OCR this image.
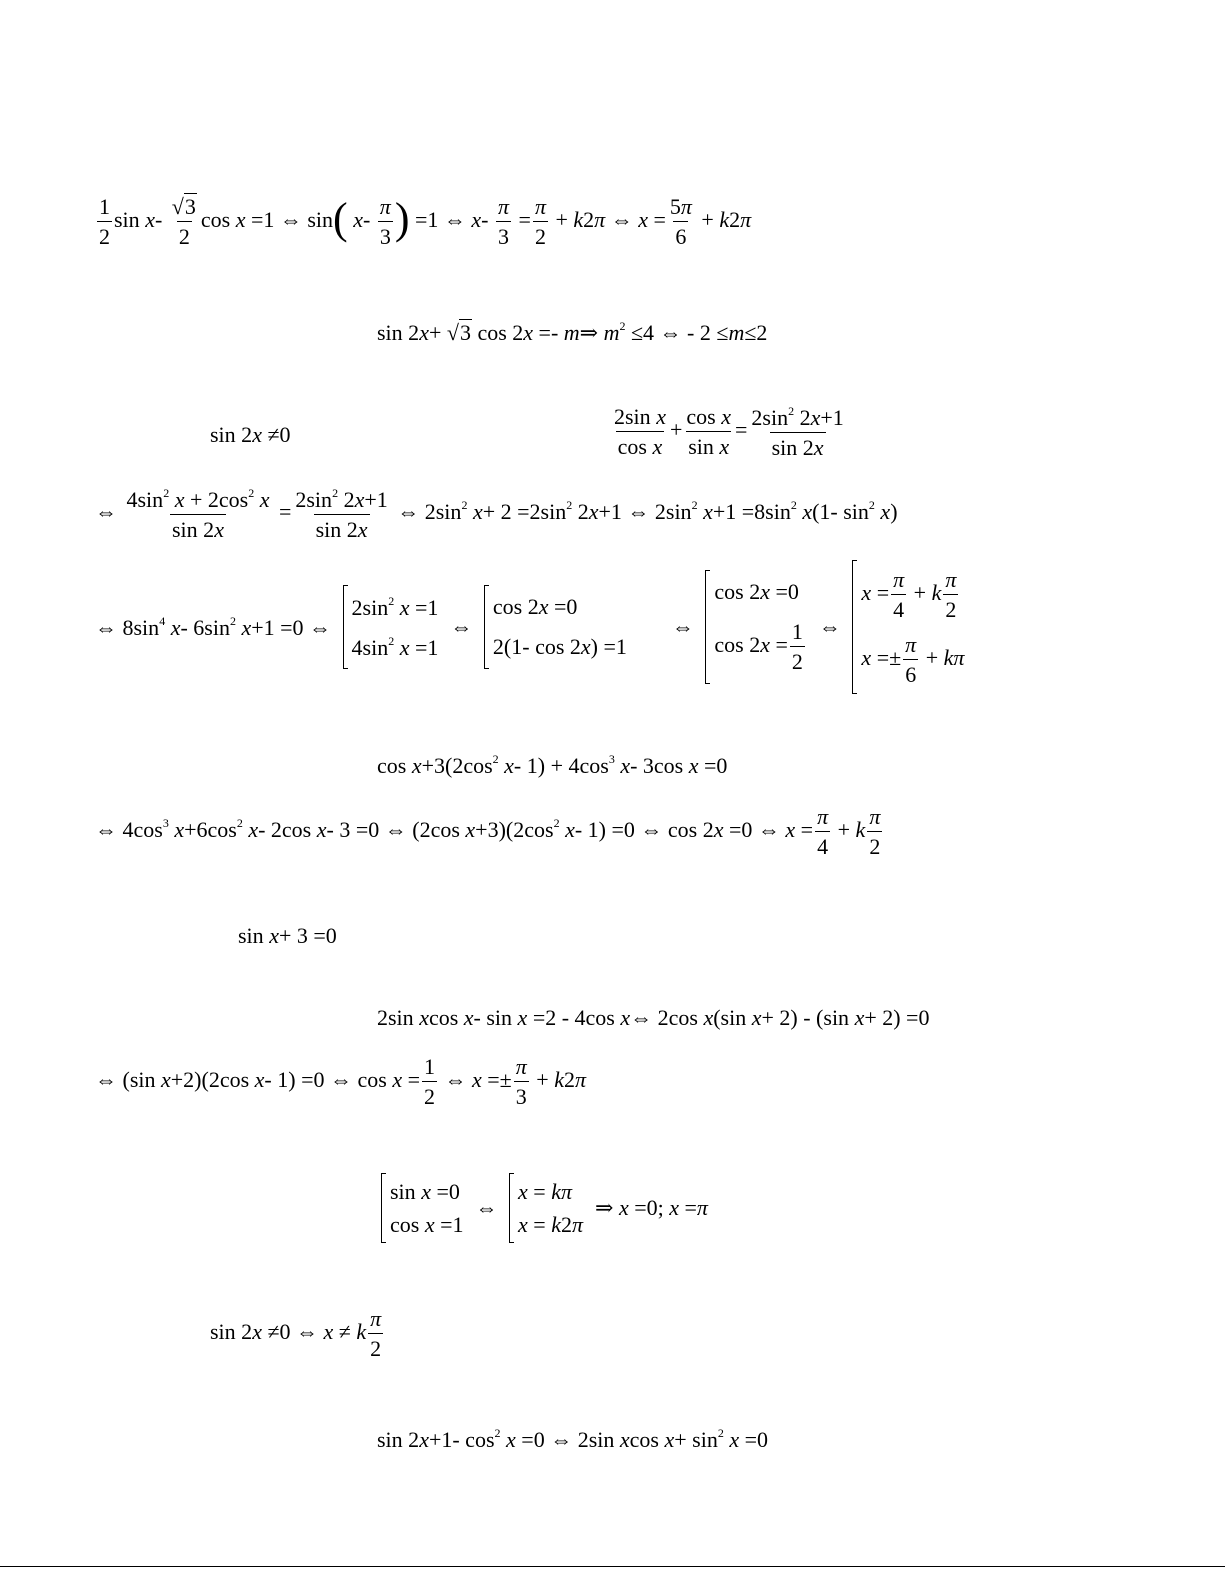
$\frac{1}{2}$ $\sin x- \frac{√3}{2}$ cos x =1 ⇔ sin( $x- \frac{\pi}{3}$ ) =1 ⇔ $x- \frac{\pi}{3} = \frac{\pi}{2} + k2\pi$ ⇔ $x = \frac{5\pi}{6} + k2\pi$
sin 2x+ √3 cos 2x =- m⇒ $m^2 \le 4$ ⇔ - 2 ≤m≤2
sin 2x ≠0	$\frac{\text{2sin x}}{\text{cos x}} + \frac{\text{cos x}}{\text{sin x}} = \frac{2\sin^2 2x+1}{\sin 2x}$
⇔ $\frac{4\sin^2 x + 2\cos^2 x}{\sin 2x} = \frac{2\sin^2 2x+1}{\sin 2x}$ ⇔ $2\sin^2$ $x+ 2 =2\sin^2$ 2x+1 ⇔ $2\sin^2$ $x+1 =8\sin^2$ x(1- $\sin^2 x$)
⇔ $8\sin^4$ x- $6\sin^2$ x+1 =0 ⇔
$2\sin^2$ x =1
$4\sin^2$ x =1
⇔
cos 2x =0
2(1- cos 2x) =1
⇔
cos 2x =0
$\cos 2x = \frac{1}{2}$ ⇔
$x = \frac{\pi}{4} + k \frac{\pi}{2}$
$x =\pm \frac{\pi}{6} + k\pi$
$\cos x+3(2\cos^2$ x- $1) + 4\cos^3$ x- 3cos x =0
⇔ $4\cos^3$ $x+6\cos^2$ x- 2cos x- 3 =0 ⇔ (2cos $x+3)(2\cos^2$ x- 1) =0 ⇔ cos 2x =0 ⇔ $x = \frac{\pi}{4} + k \frac{\pi}{2}$
sin x+ 3 =0
2sin xcos x- sin x =2 - 4cos x⇔ 2cos x(sin x+ 2) - (sin x+ 2) =0
⇔ (sin x+2)(2cos x- 1) =0 ⇔ $\cos x = \frac{1}{2}$ ⇔ $x =\pm \frac{\pi}{3} + k2\pi$
sin x =0
cos x =1
⇔
x = kπ
x = k2π
⇒ x =0; x =π
sin 2x ≠0 ⇔ x ≠ k $\frac{\pi}{2}$
sin 2x+1- $\cos^2 x =0$ ⇔ 2sin xcos $x+ \sin^2 x =0$
